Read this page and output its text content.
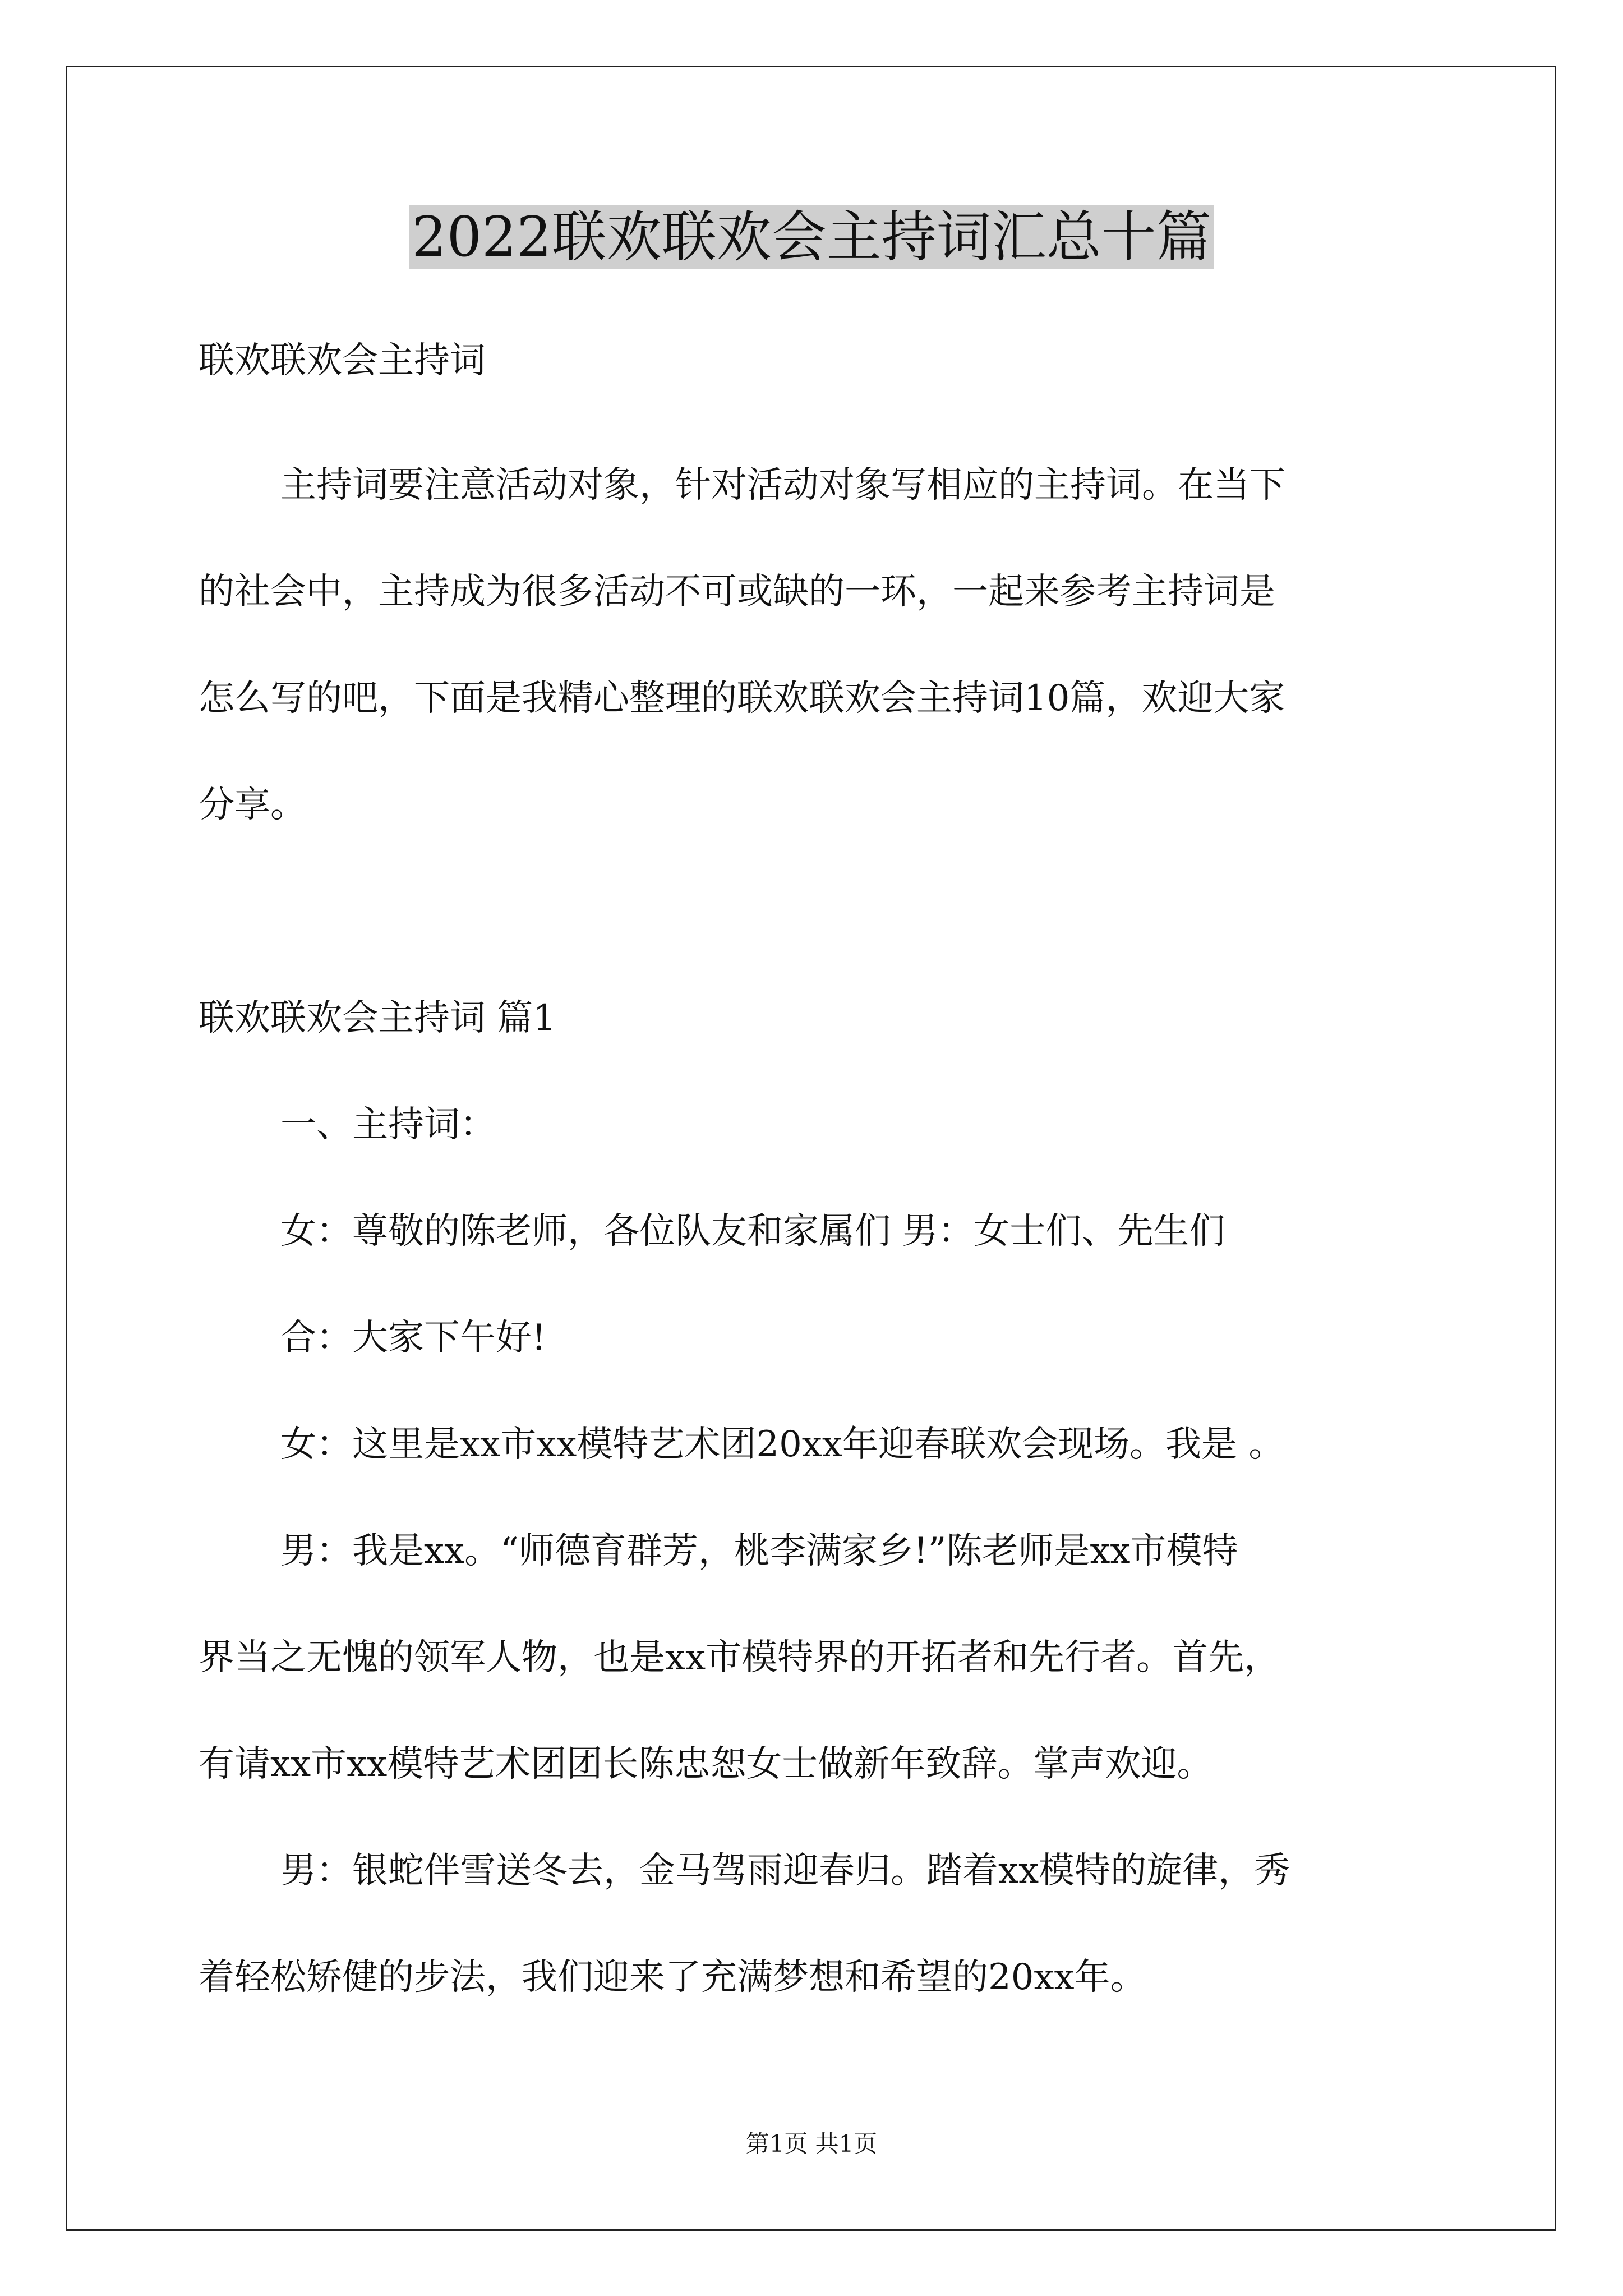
2022联欢联欢会主持词汇总十篇
联欢联欢会主持词
主持词要注意活动对象，针对活动对象写相应的主持词。在当下
的社会中，主持成为很多活动不可或缺的一环，一起来参考主持词是
怎么写的吧，下面是我精心整理的联欢联欢会主持词10篇，欢迎大家
分享。
联欢联欢会主持词 篇1
一、主持词：
女：尊敬的陈老师，各位队友和家属们 男：女士们、先生们
合：大家下午好!
女：这里是xx市xx模特艺术团20xx年迎春联欢会现场。我是 。
男：我是xx。“师德育群芳，桃李满家乡!”陈老师是xx市模特
界当之无愧的领军人物，也是xx市模特界的开拓者和先行者。首先，
有请xx市xx模特艺术团团长陈忠恕女士做新年致辞。掌声欢迎。
男：银蛇伴雪送冬去，金马驾雨迎春归。踏着xx模特的旋律，秀
着轻松矫健的步法，我们迎来了充满梦想和希望的20xx年。
第1页 共1页
